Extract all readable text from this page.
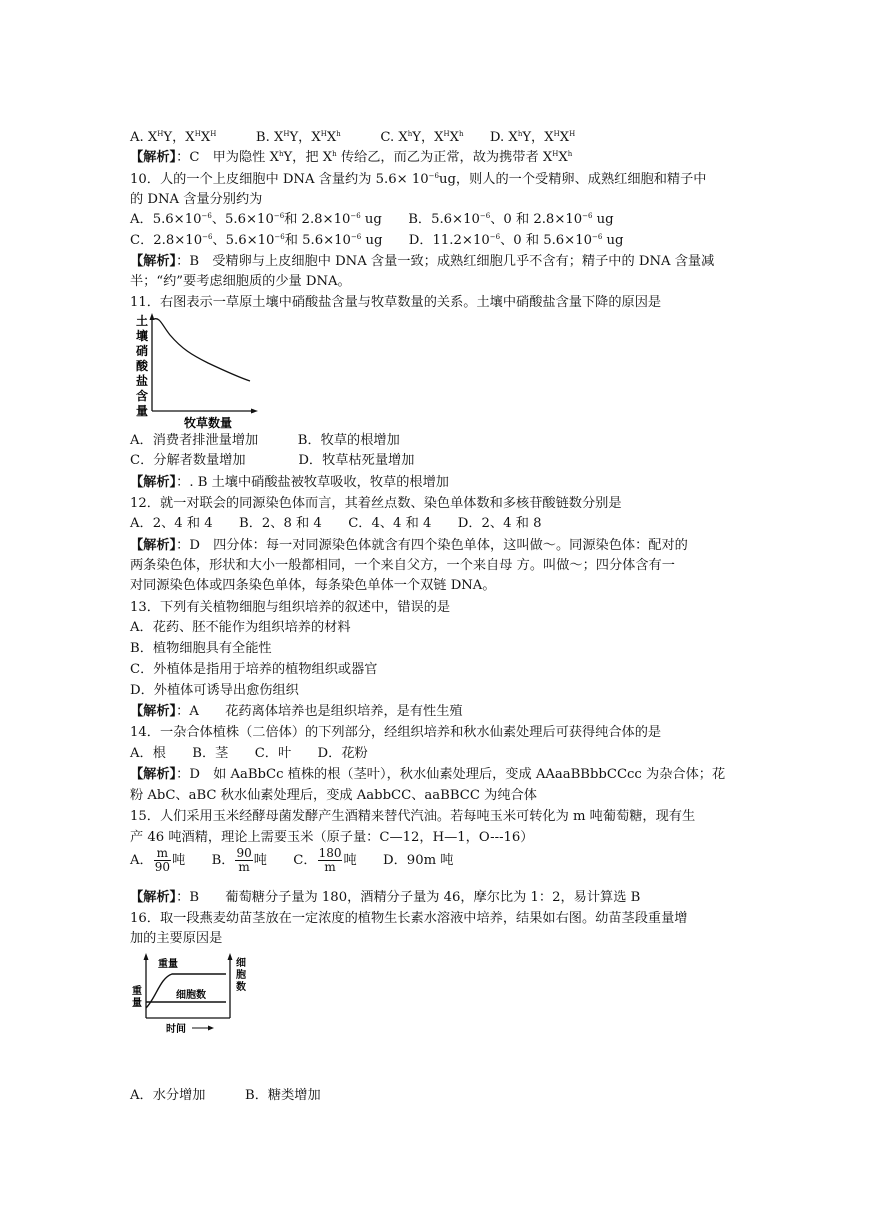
A. $X^HY$，$X^HX^H$　　　B. $X^HY$，$X^HX^h$　　　C. $X^hY$，$X^HX^h$　　D. $X^hY$，$X^HX^H$
【解析】：C　甲为隐性 $X^hY$，把 $X^h$ 传给乙，而乙为正常，故为携带者 $X^HX^h$
10．人的一个上皮细胞中 DNA 含量约为 $5.6\times 10^{-6}ug$，则人的一个受精卵、成熟红细胞和精子中
的 DNA 含量分别约为
A．$5.6\times 10^{-6}$、$5.6\times 10^{-6}$和 $2.8\times 10^{-6}$ ug　　B．$5.6\times 10^{-6}$、0 和 $2.8\times 10^{-6}$ ug
C．$2.8\times 10^{-6}$、$5.6\times 10^{-6}$和 $5.6\times 10^{-6}$ ug　　D．$11.2\times 10^{-6}$、0 和 $5.6\times 10^{-6}$ ug
【解析】：B　受精卵与上皮细胞中 DNA 含量一致；成熟红细胞几乎不含有；精子中的 DNA 含量减
半；“约”要考虑细胞质的少量 DNA。
11．右图表示一草原土壤中硝酸盐含量与牧草数量的关系。土壤中硝酸盐含量下降的原因是
土
壤
硝
酸
盐
含
量
牧草数量
A．消费者排泄量增加　　　B．牧草的根增加
C．分解者数量增加　　　　D．牧草枯死量增加
【解析】：. B 土壤中硝酸盐被牧草吸收，牧草的根增加
12．就一对联会的同源染色体而言，其着丝点数、染色单体数和多核苷酸链数分别是
A．2、4 和 4　　B．2、8 和 4　　C．4、4 和 4　　D．2、4 和 8
【解析】：D　四分体：每一对同源染色体就含有四个染色单体，这叫做～。同源染色体：配对的
两条染色体，形状和大小一般都相同，一个来自父方，一个来自母 方。叫做～；四分体含有一
对同源染色体或四条染色单体，每条染色单体一个双链 DNA。
13．下列有关植物细胞与组织培养的叙述中，错误的是
A．花药、胚不能作为组织培养的材料
B．植物细胞具有全能性
C．外植体是指用于培养的植物组织或器官
D．外植体可诱导出愈伤组织
【解析】：A　　花药离体培养也是组织培养，是有性生殖
14．一杂合体植株（二倍体）的下列部分，经组织培养和秋水仙素处理后可获得纯合体的是
A．根　　B．茎　　C．叶　　D．花粉
【解析】：D　如 AaBbCc 植株的根（茎叶），秋水仙素处理后，变成 AAaaBBbbCCcc 为杂合体；花
粉 AbC、aBC 秋水仙素处理后，变成 AabbCC、aaBBCC 为纯合体
15．人们采用玉米经酵母菌发酵产生酒精来替代汽油。若每吨玉米可转化为 m 吨葡萄糖，现有生
产 46 吨酒精，理论上需要玉米（原子量：C—12，H—1，O---16）
A． $\frac{m}{90}$ 吨　　 B． $\frac{90}{m}$ 吨　　 C． $\frac{180}{m}$ 吨　　 D．90m 吨
【解析】：B　　葡萄糖分子量为 180，酒精分子量为 46，摩尔比为 1：2，易计算选 B
16．取一段燕麦幼苗茎放在一定浓度的植物生长素水溶液中培养，结果如右图。幼苗茎段重量增
加的主要原因是
重
量
重量
细胞数
细
胞
数
时间
A．水分增加　　　B．糖类增加
